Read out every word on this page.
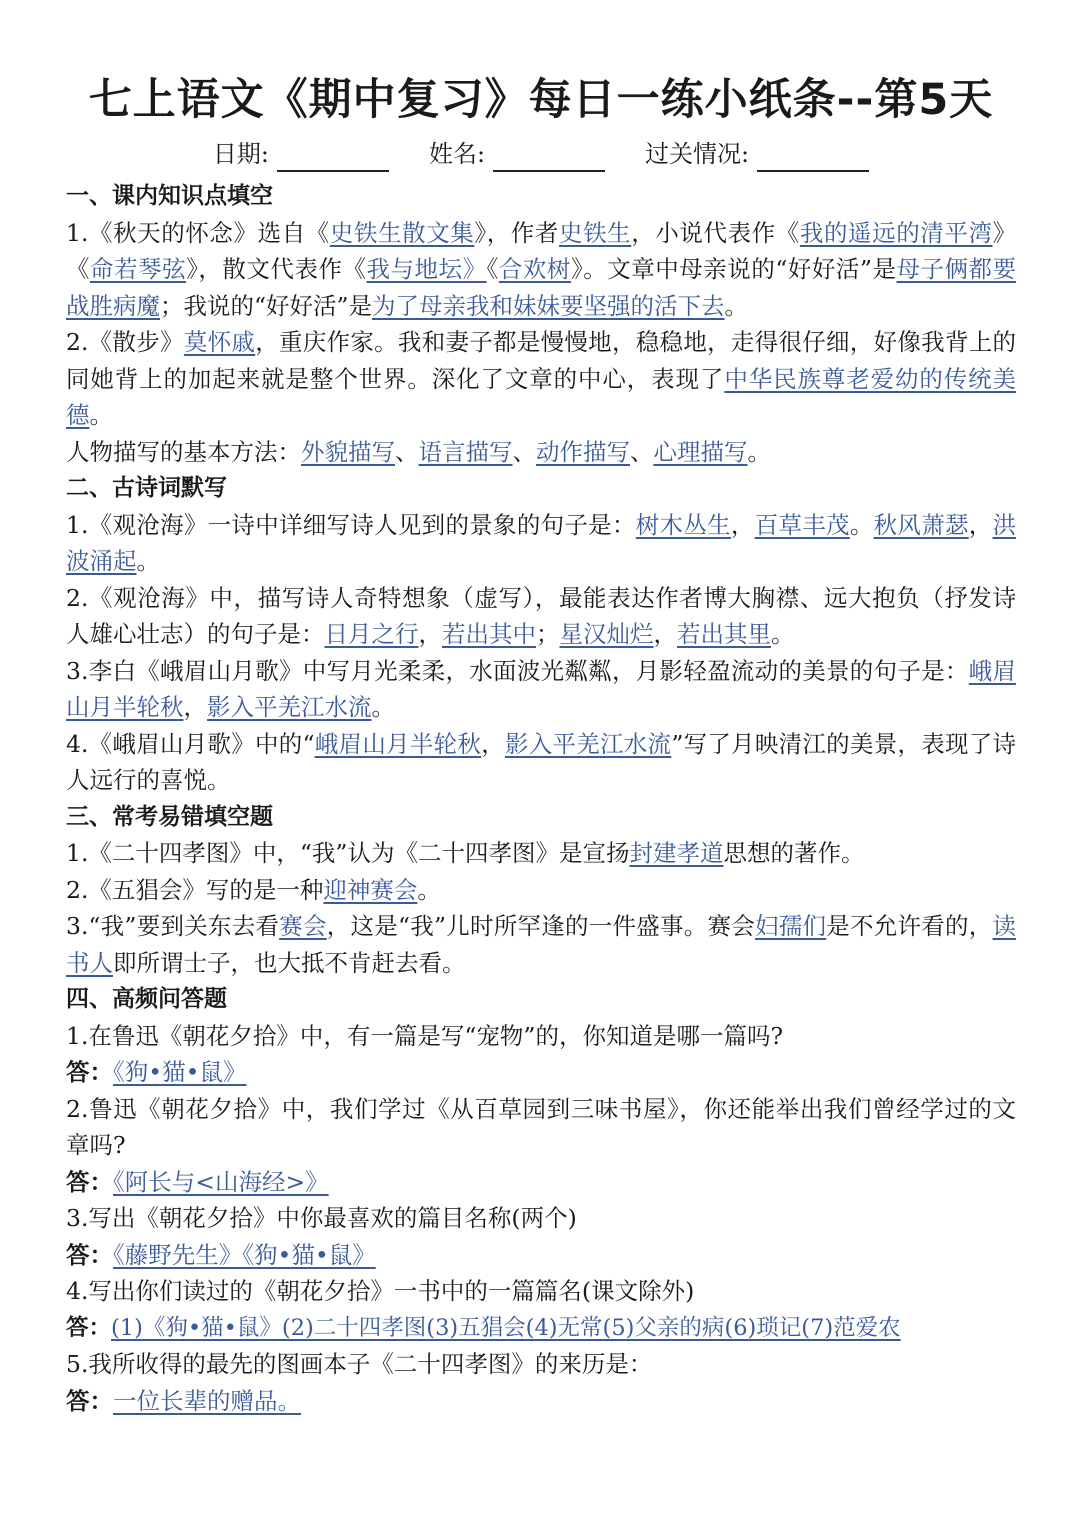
七上语文《期中复习》每日一练小纸条--第5天
日期:	姓名:	过关情况:
一、课内知识点填空

1.《秋天的怀念》选自《史铁生散文集》，作者史铁生，小说代表作《我的遥远的清平湾》《命若琴弦》，散文代表作《我与地坛》《合欢树》。文章中母亲说的“好好活”是母子俩都要战胜病魔；我说的“好好活”是为了母亲我和妹妹要坚强的活下去。

2.《散步》莫怀戚，重庆作家。我和妻子都是慢慢地，稳稳地，走得很仔细，好像我背上的同她背上的加起来就是整个世界。深化了文章的中心，表现了中华民族尊老爱幼的传统美德。

人物描写的基本方法：外貌描写、语言描写、动作描写、心理描写。

二、古诗词默写

1.《观沧海》一诗中详细写诗人见到的景象的句子是：树木丛生，百草丰茂。秋风萧瑟，洪波涌起。

2.《观沧海》中，描写诗人奇特想象（虚写），最能表达作者博大胸襟、远大抱负（抒发诗人雄心壮志）的句子是：日月之行，若出其中；星汉灿烂，若出其里。

3.李白《峨眉山月歌》中写月光柔柔，水面波光粼粼，月影轻盈流动的美景的句子是：峨眉山月半轮秋，影入平羌江水流。

4.《峨眉山月歌》中的“峨眉山月半轮秋，影入平羌江水流”写了月映清江的美景，表现了诗人远行的喜悦。

三、常考易错填空题

1.《二十四孝图》中，“我”认为《二十四孝图》是宣扬封建孝道思想的著作。

2.《五猖会》写的是一种迎神赛会。

3.“我”要到关东去看赛会，这是“我”儿时所罕逢的一件盛事。赛会妇孺们是不允许看的，读书人即所谓士子，也大抵不肯赶去看。

四、高频问答题

1.在鲁迅《朝花夕拾》中，有一篇是写“宠物”的，你知道是哪一篇吗?

答：《狗•猫•鼠》

2.鲁迅《朝花夕拾》中，我们学过《从百草园到三味书屋》，你还能举出我们曾经学过的文章吗?

答：《阿长与<山海经>》

3.写出《朝花夕拾》中你最喜欢的篇目名称(两个)

答：《藤野先生》《狗•猫•鼠》

4.写出你们读过的《朝花夕拾》一书中的一篇篇名(课文除外)

答：(1)《狗•猫•鼠》(2)二十四孝图(3)五猖会(4)无常(5)父亲的病(6)琐记(7)范爱农

5.我所收得的最先的图画本子《二十四孝图》的来历是：

答：一位长辈的赠品。
